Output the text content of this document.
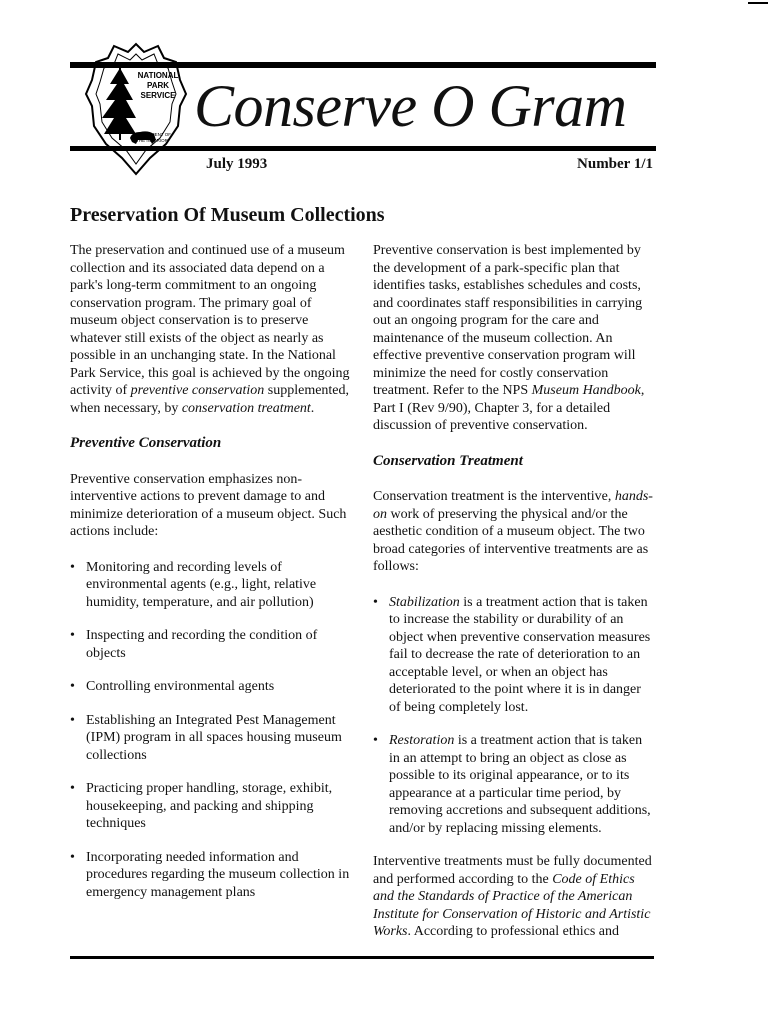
NATIONAL
PARK
SERVICE
DEPARTMENT OF
THE INTERIOR
Conserve O Gram
July 1993	Number 1/1
Preservation Of Museum Collections

The preservation and continued use of a museum collection and its associated data depend on a park's long-term commitment to an ongoing conservation program. The primary goal of museum object conservation is to preserve whatever still exists of the object as nearly as possible in an unchanging state. In the National Park Service, this goal is achieved by the ongoing activity of preventive conservation supplemented, when necessary, by conservation treatment.

Preventive Conservation

Preventive conservation emphasizes non-interventive actions to prevent damage to and minimize deterioration of a museum object. Such actions include:

• Monitoring and recording levels of environmental agents (e.g., light, relative humidity, temperature, and air pollution)
• Inspecting and recording the condition of objects
• Controlling environmental agents
• Establishing an Integrated Pest Management (IPM) program in all spaces housing museum collections
• Practicing proper handling, storage, exhibit, housekeeping, and packing and shipping techniques
• Incorporating needed information and procedures regarding the museum collection in emergency management plans

Preventive conservation is best implemented by the development of a park-specific plan that identifies tasks, establishes schedules and costs, and coordinates staff responsibilities in carrying out an ongoing program for the care and maintenance of the museum collection. An effective preventive conservation program will minimize the need for costly conservation treatment. Refer to the NPS Museum Handbook, Part I (Rev 9/90), Chapter 3, for a detailed discussion of preventive conservation.

Conservation Treatment

Conservation treatment is the interventive, hands-on work of preserving the physical and/or the aesthetic condition of a museum object. The two broad categories of interventive treatments are as follows:

• Stabilization is a treatment action that is taken to increase the stability or durability of an object when preventive conservation measures fail to decrease the rate of deterioration to an acceptable level, or when an object has deteriorated to the point where it is in danger of being completely lost.
• Restoration is a treatment action that is taken in an attempt to bring an object as close as possible to its original appearance, or to its appearance at a particular time period, by removing accretions and subsequent additions, and/or by replacing missing elements.

Interventive treatments must be fully documented and performed according to the Code of Ethics and the Standards of Practice of the American Institute for Conservation of Historic and Artistic Works. According to professional ethics and
